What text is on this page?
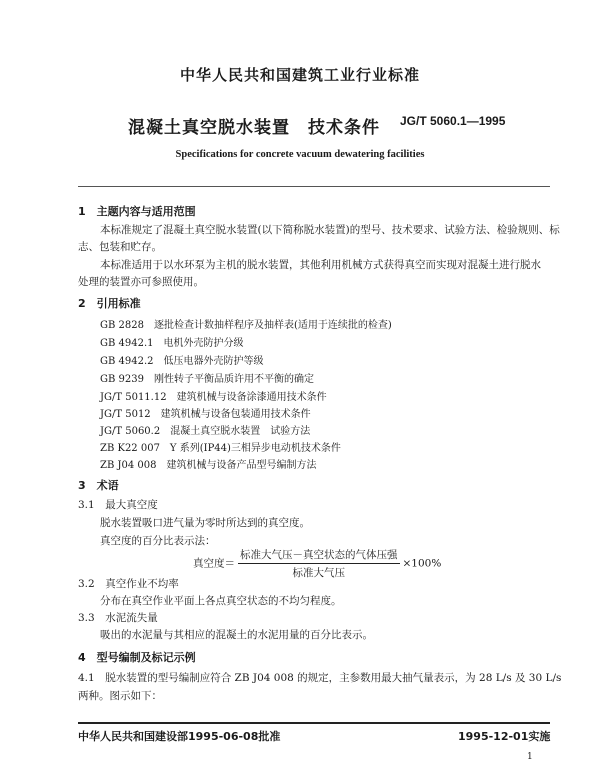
中华人民共和国建筑工业行业标准
混凝土真空脱水装置　技术条件 JG/T 5060.1—1995
Specifications for concrete vacuum dewatering facilities
1　主题内容与适用范围
本标准规定了混凝土真空脱水装置(以下简称脱水装置)的型号、技术要求、试验方法、检验规则、标
志、包装和贮存。
本标准适用于以水环泵为主机的脱水装置，其他利用机械方式获得真空而实现对混凝土进行脱水
处理的装置亦可参照使用。
2　引用标准
GB 2828　逐批检查计数抽样程序及抽样表(适用于连续批的检查)
GB 4942.1　电机外壳防护分级
GB 4942.2　低压电器外壳防护等级
GB 9239　刚性转子平衡品质许用不平衡的确定
JG/T 5011.12　建筑机械与设备涂漆通用技术条件
JG/T 5012　建筑机械与设备包装通用技术条件
JG/T 5060.2　混凝土真空脱水装置　试验方法
ZB K22 007　Y 系列(IP44)三相异步电动机技术条件
ZB J04 008　建筑机械与设备产品型号编制方法
3　术语
3.1　最大真空度
脱水装置吸口进气量为零时所达到的真空度。
真空度的百分比表示法：
真空度＝ $\frac{\text{标准大气压－真空状态的气体压强}}{\text{标准大气压}} \times 100\%$
3.2　真空作业不均率
分布在真空作业平面上各点真空状态的不均匀程度。
3.3　水泥流失量
吸出的水泥量与其相应的混凝土的水泥用量的百分比表示。
4　型号编制及标记示例
4.1　脱水装置的型号编制应符合 ZB J04 008 的规定，主参数用最大抽气量表示，为 28 L/s 及 30 L/s
两种。图示如下：
中华人民共和国建设部1995-06-08批准	1995-12-01实施
1
